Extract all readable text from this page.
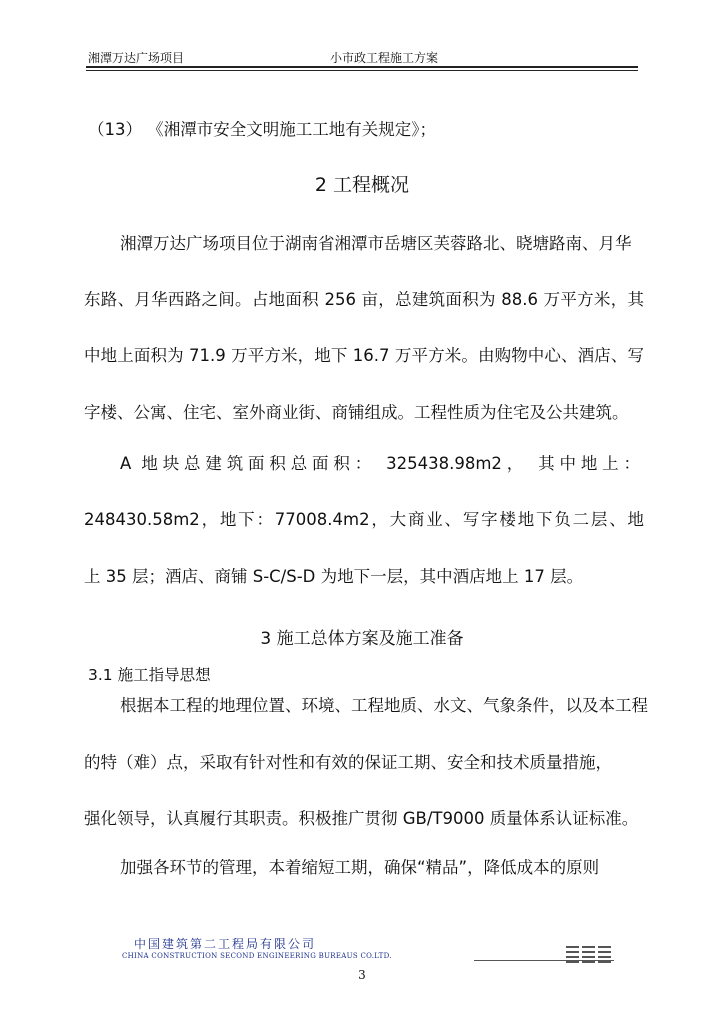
湘潭万达广场项目	小市政工程施工方案
（13） 《湘潭市安全文明施工工地有关规定》；
2 工程概况
湘潭万达广场项目位于湖南省湘潭市岳塘区芙蓉路北、晓塘路南、月华
东路、月华西路之间。占地面积 256 亩，总建筑面积为 88.6 万平方米，其
中地上面积为 71.9 万平方米，地下 16.7 万平方米。由购物中心、酒店、写
字楼、公寓、住宅、室外商业街、商铺组成。工程性质为住宅及公共建筑。
A 地块总建筑面积总面积： 325438.98m2， 其中地上：
248430.58m2，地下：77008.4m2，大商业、写字楼地下负二层、地
上 35 层；酒店、商铺 S-C/S-D 为地下一层，其中酒店地上 17 层。
3 施工总体方案及施工准备
3.1 施工指导思想
根据本工程的地理位置、环境、工程地质、水文、气象条件，以及本工程
的特（难）点，采取有针对性和有效的保证工期、安全和技术质量措施，
强化领导，认真履行其职责。积极推广贯彻 GB/T9000 质量体系认证标准。
加强各环节的管理，本着缩短工期，确保“精品”，降低成本的原则
中国建筑第二工程局有限公司
CHINA CONSTRUCTION SECOND ENGINEERING BUREAUS CO.LTD.
3
